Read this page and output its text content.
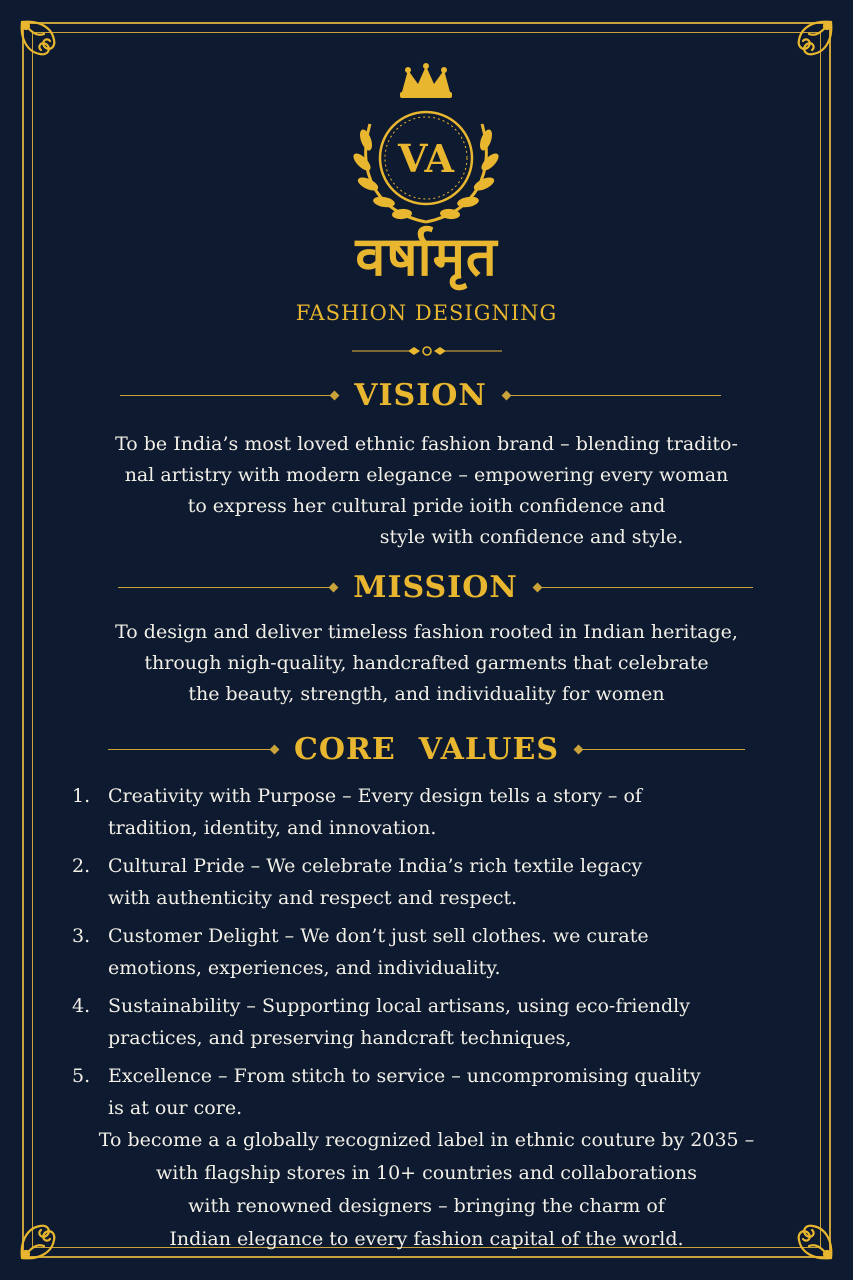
VA
वर्षामृत
FASHION DESIGNING
VISION
To be India’s most loved ethnic fashion brand – blending tradito-
nal artistry with modern elegance – empowering every woman
to express her cultural pride ioith confidence and
style with confidence and style.
MISSION
To design and deliver timeless fashion rooted in Indian heritage,
through nigh-quality, handcrafted garments that celebrate
the beauty, strength, and individuality for women
CORE  VALUES
1. Creativity with Purpose – Every design tells a story – of
tradition, identity, and innovation.
2. Cultural Pride – We celebrate India’s rich textile legacy
with authenticity and respect and respect.
3. Customer Delight – We don’t just sell clothes. we curate
emotions, experiences, and individuality.
4. Sustainability – Supporting local artisans, using eco-friendly
practices, and preserving handcraft techniques,
5. Excellence – From stitch to service – uncompromising quality
is at our core.
To become a a globally recognized label in ethnic couture by 2035 –
with flagship stores in 10+ countries and collaborations
with renowned designers – bringing the charm of
Indian elegance to every fashion capital of the world.
